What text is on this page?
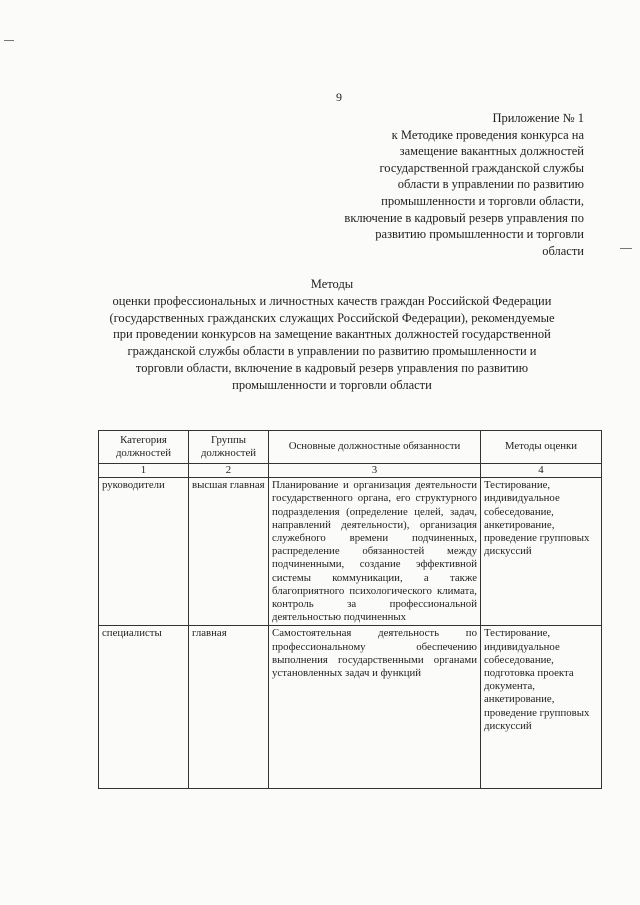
9
Приложение № 1
к Методике проведения конкурса на
замещение вакантных должностей
государственной гражданской службы
области в управлении по развитию
промышленности и торговли области,
включение в кадровый резерв управления по
развитию промышленности и торговли
области
Методы
оценки профессиональных и личностных качеств граждан Российской Федерации (государственных гражданских служащих Российской Федерации), рекомендуемые при проведении конкурсов на замещение вакантных должностей государственной гражданской службы области в управлении по развитию промышленности и торговли области, включение в кадровый резерв управления по развитию промышленности и торговли области
Категория должностей	Группы должностей	Основные должностные обязанности	Методы оценки
1	2	3	4
руководители	высшая главная	Планирование и организация деятельности государственного органа, его структурного подразделения (определение целей, задач, направлений деятельности), организация служебного времени подчиненных, распределение обязанностей между подчиненными, создание эффективной системы коммуникации, а также благоприятного психологического климата, контроль за профессиональной деятельностью подчиненных	Тестирование, индивидуальное собеседование, анкетирование, проведение групповых дискуссий
специалисты	главная	Самостоятельная деятельность по профессиональному обеспечению выполнения государственными органами установленных задач и функций	Тестирование, индивидуальное собеседование, подготовка проекта документа, анкетирование, проведение групповых дискуссий
